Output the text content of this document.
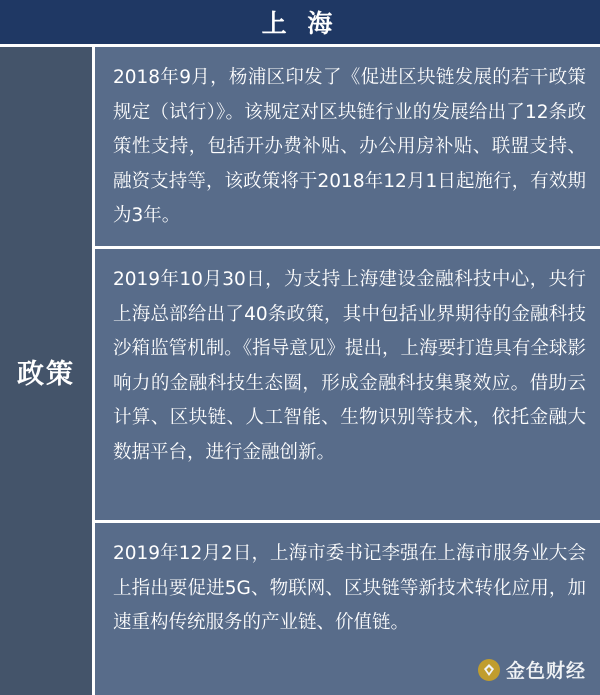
上 海
政策
2018年9月，杨浦区印发了《促进区块链发展的若干政策规定（试行）》。该规定对区块链行业的发展给出了12条政策性支持，包括开办费补贴、办公用房补贴、联盟支持、融资支持等，该政策将于2018年12月1日起施行，有效期为3年。
2019年10月30日，为支持上海建设金融科技中心，央行上海总部给出了40条政策，其中包括业界期待的金融科技沙箱监管机制。《指导意见》提出，上海要打造具有全球影响力的金融科技生态圈，形成金融科技集聚效应。借助云计算、区块链、人工智能、生物识别等技术，依托金融大数据平台，进行金融创新。
2019年12月2日，上海市委书记李强在上海市服务业大会上指出要促进5G、物联网、区块链等新技术转化应用，加速重构传统服务的产业链、价值链。
金色财经
